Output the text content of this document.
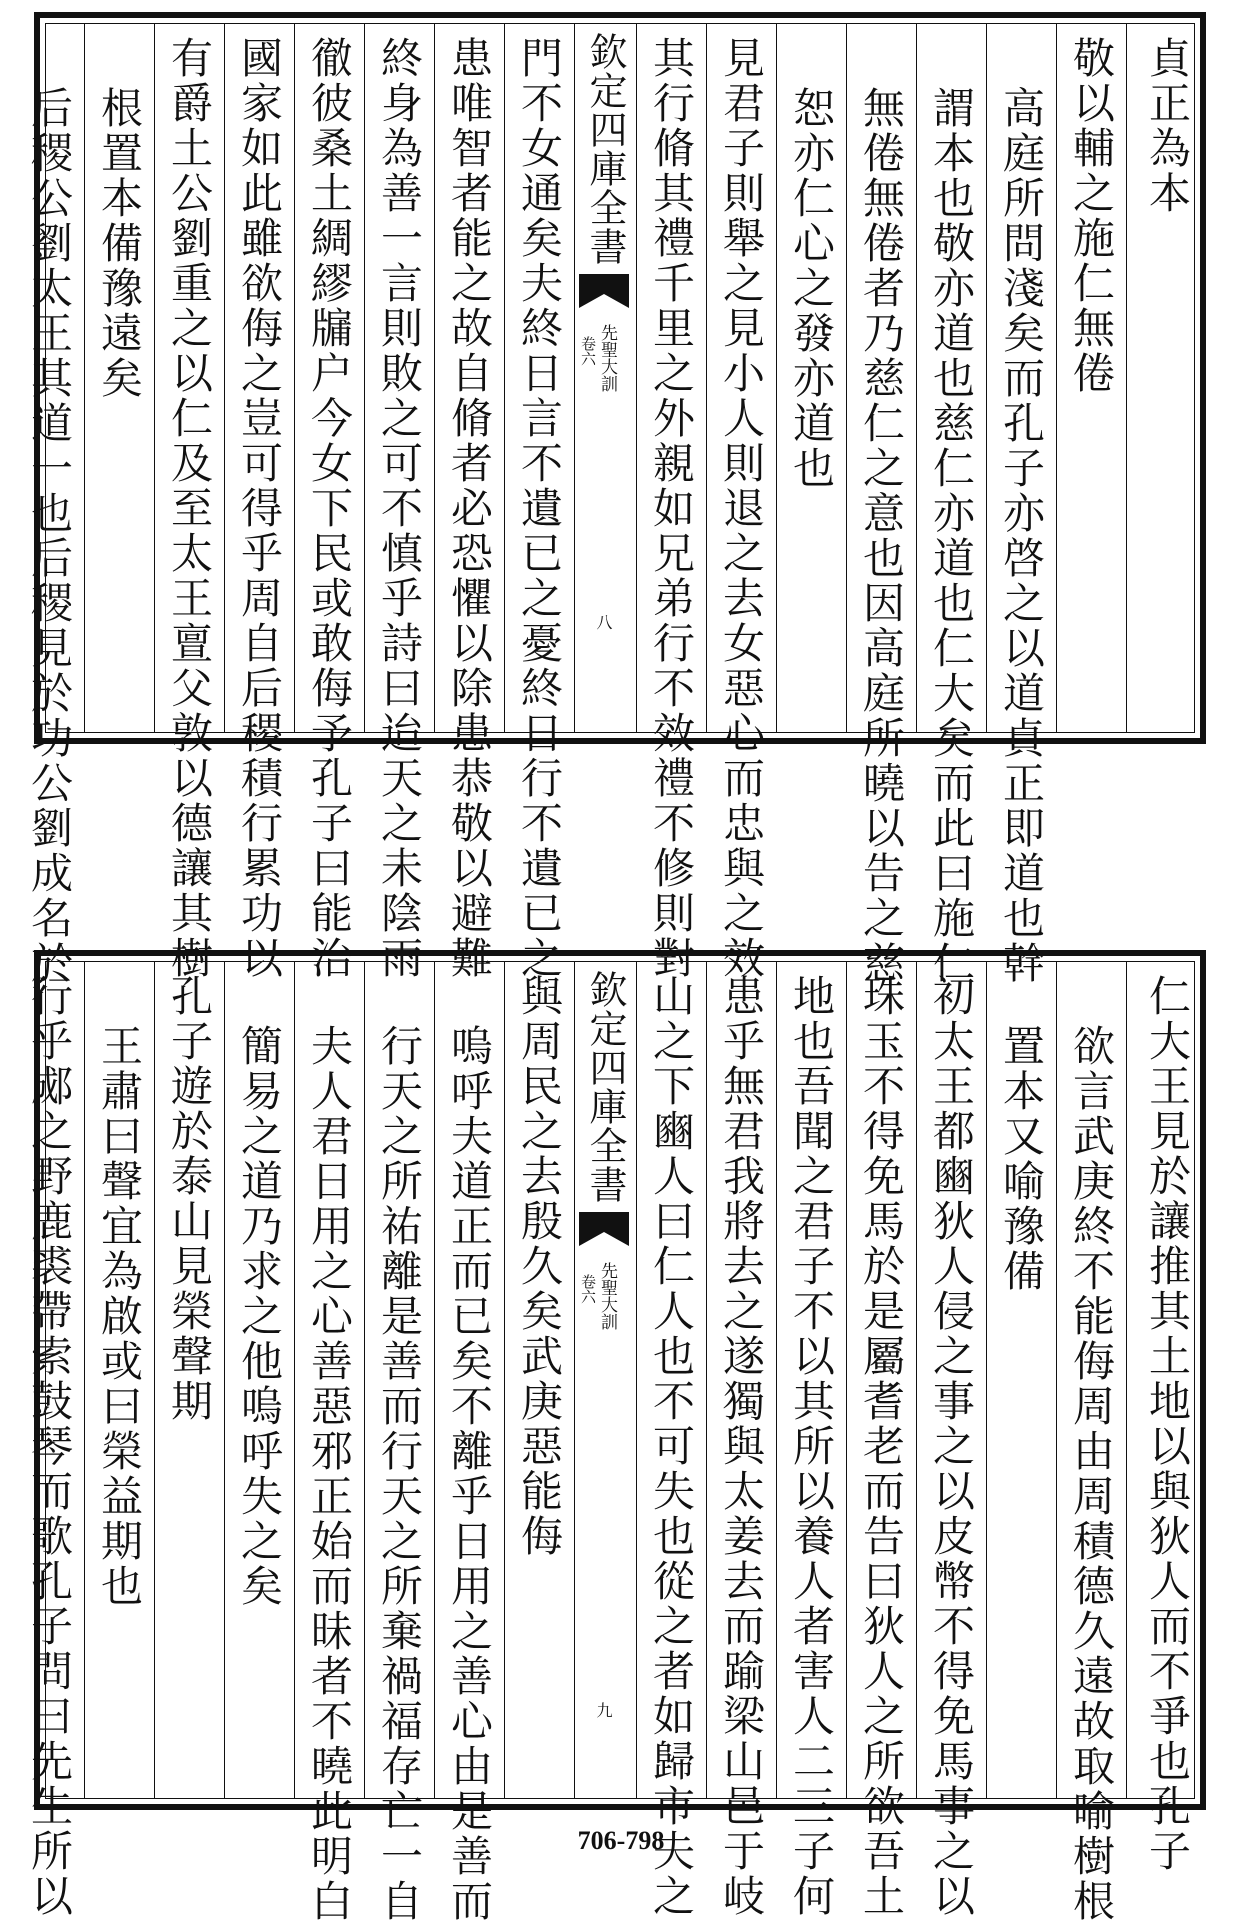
貞正為本
敬以輔之施仁無倦
高庭所問淺矣而孔子亦啓之以道貞正即道也幹
謂本也敬亦道也慈仁亦道也仁大矣而此曰施仁
無倦無倦者乃慈仁之意也因高庭所曉以告之慈
恕亦仁心之發亦道也
見君子則舉之見小人則退之去女惡心而忠與之效
其行脩其禮千里之外親如兄弟行不效禮不修則對
欽定四庫全書
先聖大訓
卷六
八
門不女通矣夫終日言不遺已之憂終日行不遺已之
患唯智者能之故自脩者必恐懼以除患恭敬以避難
終身為善一言則敗之可不慎乎詩曰迨天之未陰雨
徹彼桑土綢繆牖户今女下民或敢侮予孔子曰能治
國家如此雖欲侮之豈可得乎周自后稷積行累功以
有爵土公劉重之以仁及至太王亶父敦以德讓其樹
根置本備豫遠矣
后稷公劉太王其道一也后稷見於功公劉成名於
仁大王見於讓推其土地以與狄人而不爭也孔子
欲言武庚終不能侮周由周積德久遠故取喻樹根
置本又喻豫備
初太王都豳狄人侵之事之以皮幣不得免馬事之以
珠玉不得免馬於是屬耆老而告曰狄人之所欲吾土
地也吾聞之君子不以其所以養人者害人二三子何
患乎無君我將去之遂獨與太姜去而踰梁山邑于岐
山之下豳人曰仁人也不可失也從之者如歸市夫之
欽定四庫全書
先聖大訓
卷六
九
與周民之去殷久矣武庚惡能侮
嗚呼夫道正而已矣不離乎日用之善心由是善而
行天之所祐離是善而行天之所棄禍福存亡一自
夫人君日用之心善惡邪正始而昧者不曉此明白
簡易之道乃求之他嗚呼失之矣
孔子遊於泰山見榮聲期
王肅曰聲宜為啟或曰榮益期也
行乎郕之野鹿裘帶索鼓琴而歌孔子問曰先生所以	706-798
